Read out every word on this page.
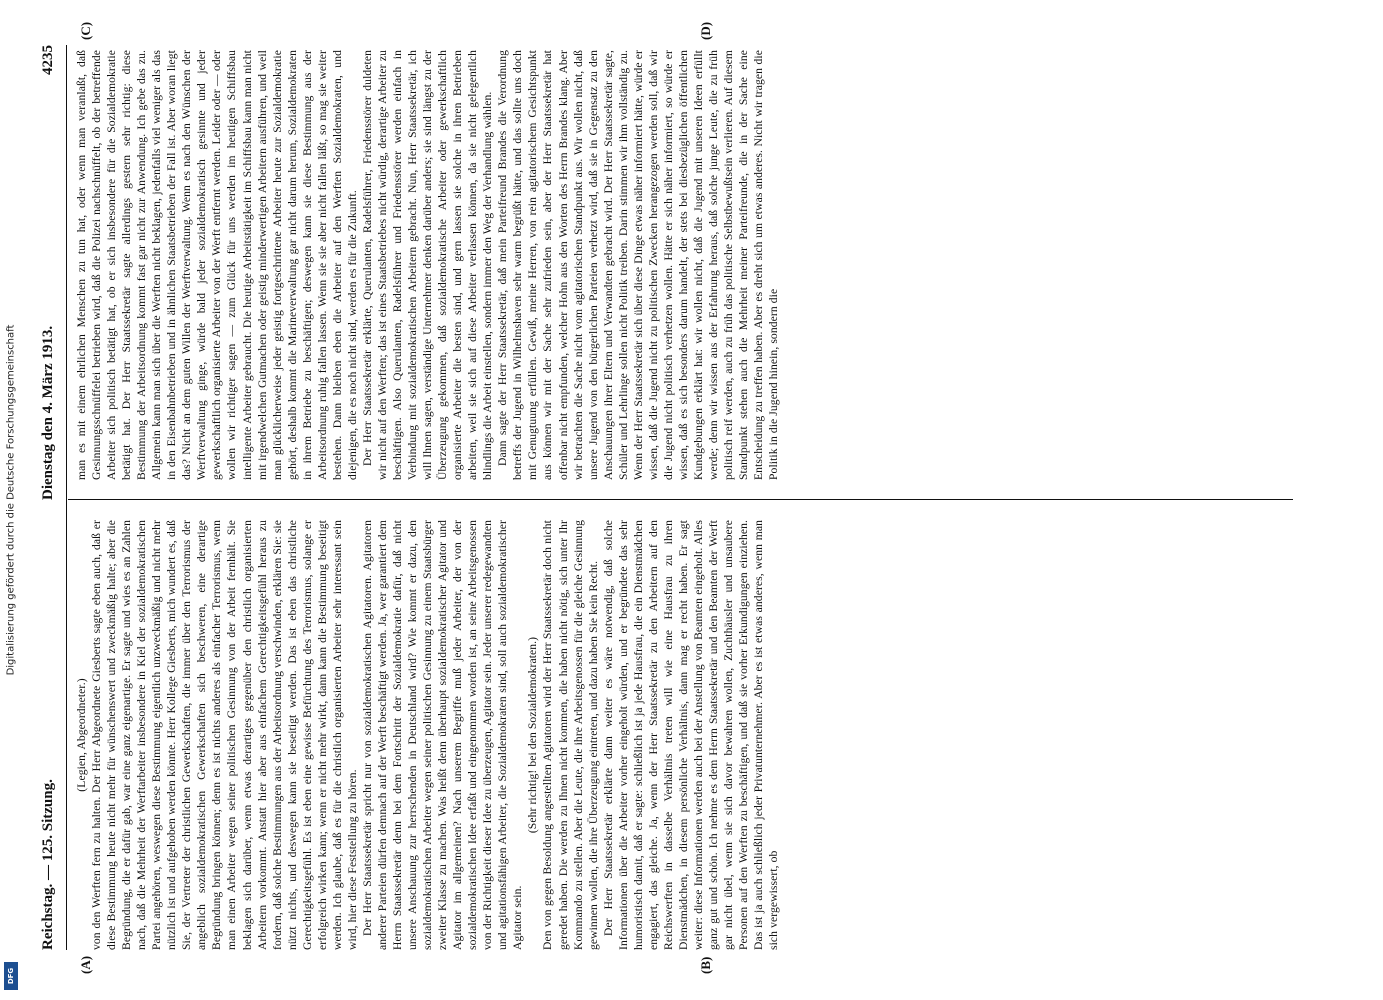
Digitalisierung gefördert durch die Deutsche Forschungsgemeinschaft
DFG
Reichstag. — 125. Sitzung.
Dienstag den 4. März 1913.
4235
(A)	(B)
(C)	(D)

(Legien, Abgeordneter.) von den Werften fern zu halten. Der Herr Abgeordnete Giesberts sagte eben auch, daß er diese Bestimmung heute nicht mehr für wünschenswert und zweckmäßig halte; aber die Begründung, die er dafür gab, war eine ganz eigenartige. Er sagte und wies es an Zahlen nach, daß die Mehrheit der Werftarbeiter insbesondere in Kiel der sozialdemokratischen Partei angehören, weswegen diese Bestimmung eigentlich unzweckmäßig und nicht mehr nützlich ist und aufgehoben werden könnte. Herr Kollege Giesberts, mich wundert es, daß Sie, der Vertreter der christlichen Gewerkschaften, die immer über den Terrorismus der angeblich sozialdemokratischen Gewerkschaften sich beschweren, eine derartige Begründung bringen können; denn es ist nichts anderes als einfacher Terrorismus, wenn man einen Arbeiter wegen seiner politischen Gesinnung von der Arbeit fernhält. Sie beklagen sich darüber, wenn etwas derartiges gegenüber den christlich organisierten Arbeitern vorkommt. Anstatt hier aber aus einfachem Gerechtigkeitsgefühl heraus zu fordern, daß solche Bestimmungen aus der Arbeitsordnung verschwinden, erklären Sie: sie nützt nichts, und deswegen kann sie beseitigt werden. Das ist eben das christliche Gerechtigkeitsgefühl. Es ist eben eine gewisse Befürchtung des Terrorismus, solange er erfolgreich wirken kann; wenn er nicht mehr wirkt, dann kann die Bestimmung beseitigt werden. Ich glaube, daß es für die christlich organisierten Arbeiter sehr interessant sein wird, hier diese Feststellung zu hören. Der Herr Staatssekretär spricht nur von sozialdemokratischen Agitatoren. Agitatoren anderer Parteien dürfen demnach auf der Werft beschäftigt werden. Ja, wer garantiert dem Herrn Staatssekretär denn bei dem Fortschritt der Sozialdemokratie dafür, daß nicht unsere Anschauung zur herrschenden in Deutschland wird? Wie kommt er dazu, den sozialdemokratischen Arbeiter wegen seiner politischen Gesinnung zu einem Staatsbürger zweiter Klasse zu machen. Was heißt denn überhaupt sozialdemokratischer Agitator und Agitator im allgemeinen? Nach unserem Begriffe muß jeder Arbeiter, der von der sozialdemokratischen Idee erfaßt und eingenommen worden ist, an seine Arbeitsgenossen von der Richtigkeit dieser Idee zu überzeugen, Agitator sein. Jeder unserer redegewandten und agitationsfähigen Arbeiter, die Sozialdemokraten sind, soll auch sozialdemokratischer Agitator sein.

(Sehr richtig! bei den Sozialdemokraten.) Den von gegen Besoldung angestellten Agitatoren wird der Herr Staatssekretär doch nicht geredet haben. Die werden zu Ihnen nicht kommen, die haben nicht nötig, sich unter Ihr Kommando zu stellen. Aber die Leute, die ihre Arbeitsgenossen für die gleiche Gesinnung gewinnen wollen, die ihre Überzeugung eintreten, und dazu haben Sie kein Recht. Der Herr Staatssekretär erklärte dann weiter es wäre notwendig, daß solche Informationen über die Arbeiter vorher eingeholt würden, und er begründete das sehr humoristisch damit, daß er sagte: schließlich ist ja jede Hausfrau, die ein Dienstmädchen engagiert, das gleiche. Ja, wenn der Herr Staatssekretär zu den Arbeitern auf den Reichswerften in dasselbe Verhältnis treten will wie eine Hausfrau zu ihren Dienstmädchen, in diesem persönliche Verhältnis, dann mag er recht haben. Er sagt weiter: diese Informationen werden auch bei der Anstellung von Beamten eingeholt. Alles ganz gut und schön. Ich nehme es dem Herrn Staatssekretär und den Beamten der Werft gar nicht übel, wenn sie sich davor bewahren wollen, Zuchthäusler und unsaubere Personen auf den Werften zu beschäftigen, und daß sie vorher Erkundigungen einziehen. Das ist ja auch schließlich jeder Privatunternehmer. Aber es ist etwas anderes, wenn man sich vergewissert, ob

man es mit einem ehrlichen Menschen zu tun hat, oder wenn man veranlaßt, daß Gesinnungsschnüffelei betrieben wird, daß die Polizei nachschnüffelt, ob der betreffende Arbeiter sich politisch betätigt hat, ob er sich insbesondere für die Sozialdemokratie betätigt hat. Der Herr Staatssekretär sagte allerdings gestern sehr richtig: diese Bestimmung der Arbeitsordnung kommt fast gar nicht zur Anwendung. Ich gebe das zu. Allgemein kann man sich über die Werften nicht beklagen, jedenfalls viel weniger als das in den Eisenbahnbetrieben und in ähnlichen Staatsbetrieben der Fall ist. Aber woran liegt das? Nicht an dem guten Willen der Werftverwaltung. Wenn es nach den Wünschen der Werftverwaltung ginge, würde bald jeder sozialdemokratisch gesinnte und jeder gewerkschaftlich organisierte Arbeiter von der Werft entfernt werden. Leider oder — oder wollen wir richtiger sagen — zum Glück für uns werden im heutigen Schiffsbau intelligente Arbeiter gebraucht. Die heutige Arbeitstätigkeit im Schiffsbau kann man nicht mit irgendwelchen Gutmachen oder geistig minderwertigen Arbeitern ausführen, und weil man glücklicherweise jeder geistig fortgeschrittene Arbeiter heute zur Sozialdemokratie gehört, deshalb kommt die Marineverwaltung gar nicht darum herum, Sozialdemokraten in ihrem Betriebe zu beschäftigen; deswegen kann sie diese Bestimmung aus der Arbeitsordnung ruhig fallen lassen. Wenn sie sie aber nicht fallen läßt, so mag sie weiter bestehen. Dann bleiben eben die Arbeiter auf den Werften Sozialdemokraten, und diejenigen, die es noch nicht sind, werden es für die Zukunft. Der Herr Staatssekretär erklärte, Querulanten, Radelsführer, Friedensstörer duldeten wir nicht auf den Werften; das ist eines Staatsbetriebes nicht würdig, derartige Arbeiter zu beschäftigen. Also Querulanten, Radelsführer und Friedensstörer werden einfach in Verbindung mit sozialdemokratischen Arbeitern gebracht. Nun, Herr Staatssekretär, ich will Ihnen sagen, verständige Unternehmer denken darüber anders; sie sind längst zu der Überzeugung gekommen, daß sozialdemokratische Arbeiter oder gewerkschaftlich organisierte Arbeiter die besten sind, und gern lassen sie solche in ihren Betrieben arbeiten, weil sie sich auf diese Arbeiter verlassen können, da sie nicht gelegentlich blindlings die Arbeit einstellen, sondern immer den Weg der Verhandlung wählen. Dann sagte der Herr Staatssekretär, daß mein Parteifreund Brandes die Verordnung betreffs der Jugend in Wilhelmshaven sehr warm begrüßt hätte, und das sollte uns doch mit Genugtuung erfüllen. Gewiß, meine Herren, von rein agitatorischem Gesichtspunkt aus können wir mit der Sache sehr zufrieden sein, aber der Herr Staatssekretär hat offenbar nicht empfunden, welcher Hohn aus den Worten des Herrn Brandes klang. Aber wir betrachten die Sache nicht vom agitatorischen Standpunkt aus. Wir wollen nicht, daß unsere Jugend von den bürgerlichen Parteien verhetzt wird, daß sie in Gegensatz zu den Anschauungen ihrer Eltern und Verwandten gebracht wird. Der Herr Staatssekretär sagte, Schüler und Lehrlinge sollen nicht Politik treiben. Darin stimmen wir ihm vollständig zu. Wenn der Herr Staatssekretär sich über diese Dinge etwas näher informiert hätte, würde er wissen, daß die Jugend nicht zu politischen Zwecken herangezogen werden soll, daß wir die Jugend nicht politisch verhetzen wollen. Hätte er sich näher informiert, so würde er wissen, daß es sich besonders darum handelt, der stets bei diesbezüglichen öffentlichen Kundgebungen erklärt hat: wir wollen nicht, daß die Jugend mit unseren Ideen erfüllt werde; denn wir wissen aus der Erfahrung heraus, daß solche junge Leute, die zu früh politisch reif werden, auch zu früh das politische Selbstbewußtsein verlieren. Auf diesem Standpunkt stehen auch die Mehrheit meiner Parteifreunde, die in der Sache eine Entscheidung zu treffen haben. Aber es dreht sich um etwas anderes. Nicht wir tragen die Politik in die Jugend hinein, sondern die
